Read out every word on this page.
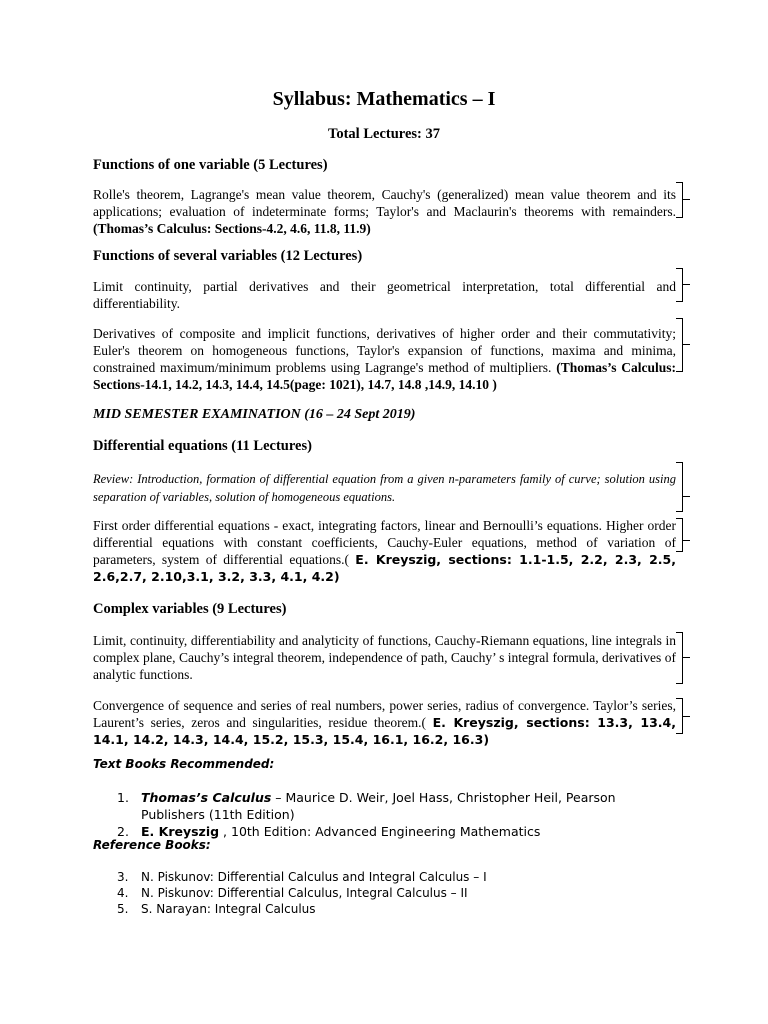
Syllabus: Mathematics – I
Total Lectures: 37
Functions of one variable (5 Lectures)
Rolle's theorem, Lagrange's mean value theorem, Cauchy's (generalized) mean value theorem and its applications; evaluation of indeterminate forms; Taylor's and Maclaurin's theorems with remainders. (Thomas’s Calculus: Sections-4.2, 4.6, 11.8, 11.9)
Functions of several variables (12 Lectures)
Limit continuity, partial derivatives and their geometrical interpretation, total differential and differentiability.
Derivatives of composite and implicit functions, derivatives of higher order and their commutativity; Euler's theorem on homogeneous functions, Taylor's expansion of functions, maxima and minima, constrained maximum/minimum problems using Lagrange's method of multipliers. (Thomas’s Calculus: Sections-14.1, 14.2, 14.3, 14.4, 14.5(page: 1021), 14.7, 14.8 ,14.9, 14.10 )
MID SEMESTER EXAMINATION (16 – 24 Sept 2019)
Differential equations (11 Lectures)
Review: Introduction, formation of differential equation from a given n-parameters family of curve; solution using separation of variables, solution of homogeneous equations.
First order differential equations - exact, integrating factors, linear and Bernoulli’s equations. Higher order differential equations with constant coefficients, Cauchy-Euler equations, method of variation of parameters, system of differential equations.( E. Kreyszig, sections: 1.1-1.5, 2.2, 2.3, 2.5, 2.6,2.7, 2.10,3.1, 3.2, 3.3, 4.1, 4.2)
Complex variables (9 Lectures)
Limit, continuity, differentiability and analyticity of functions, Cauchy-Riemann equations, line integrals in complex plane, Cauchy’s integral theorem, independence of path, Cauchy’ s integral formula, derivatives of analytic functions.
Convergence of sequence and series of real numbers, power series, radius of convergence. Taylor’s series, Laurent’s series, zeros and singularities, residue theorem.( E. Kreyszig, sections: 13.3, 13.4, 14.1, 14.2, 14.3, 14.4, 15.2, 15.3, 15.4, 16.1, 16.2, 16.3)
Text Books Recommended:
1. Thomas’s Calculus – Maurice D. Weir, Joel Hass, Christopher Heil, Pearson Publishers (11th Edition)
2. E. Kreyszig , 10th Edition: Advanced Engineering Mathematics
Reference Books:
3. N. Piskunov: Differential Calculus and Integral Calculus – I
4. N. Piskunov: Differential Calculus, Integral Calculus – II
5. S. Narayan: Integral Calculus
